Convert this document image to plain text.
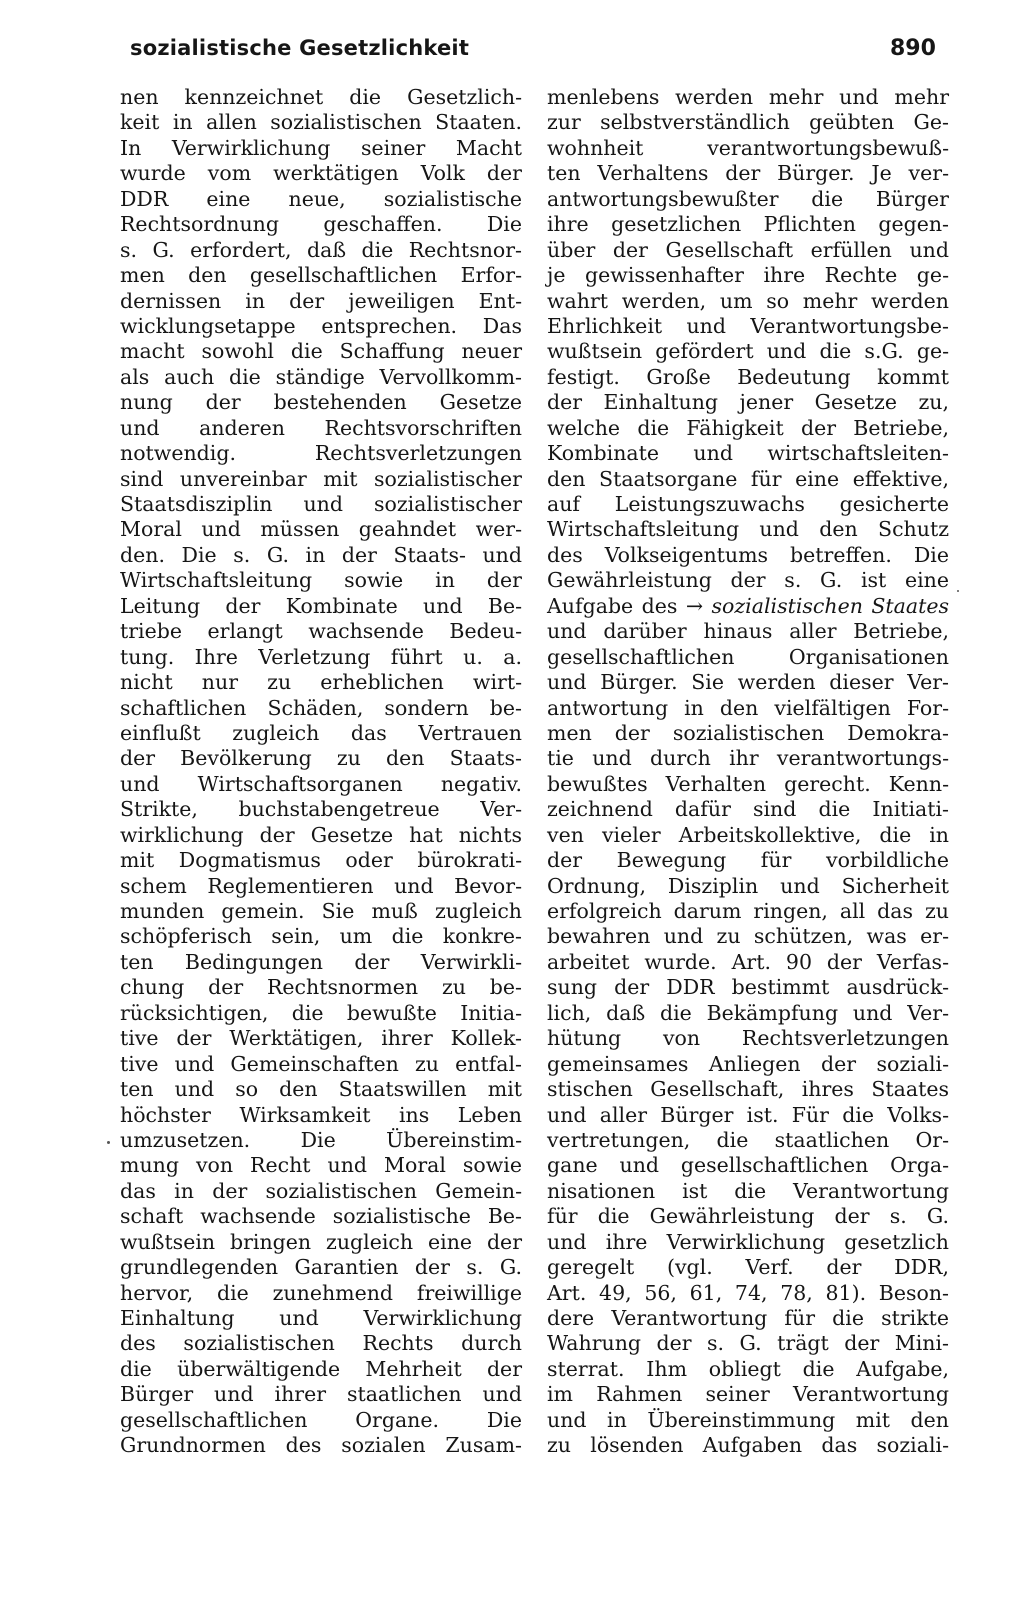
sozialistische Gesetzlichkeit	890
nen kennzeichnet die Gesetzlich-
keit in allen sozialistischen Staaten.
In Verwirklichung seiner Macht
wurde vom werktätigen Volk der
DDR eine neue, sozialistische
Rechtsordnung geschaffen. Die
s. G. erfordert, daß die Rechtsnor-
men den gesellschaftlichen Erfor-
dernissen in der jeweiligen Ent-
wicklungsetappe entsprechen. Das
macht sowohl die Schaffung neuer
als auch die ständige Vervollkomm-
nung der bestehenden Gesetze
und anderen Rechtsvorschriften
notwendig. Rechtsverletzungen
sind unvereinbar mit sozialistischer
Staatsdisziplin und sozialistischer
Moral und müssen geahndet wer-
den. Die s. G. in der Staats- und
Wirtschaftsleitung sowie in der
Leitung der Kombinate und Be-
triebe erlangt wachsende Bedeu-
tung. Ihre Verletzung führt u. a.
nicht nur zu erheblichen wirt-
schaftlichen Schäden, sondern be-
einflußt zugleich das Vertrauen
der Bevölkerung zu den Staats-
und Wirtschaftsorganen negativ.
Strikte, buchstabengetreue Ver-
wirklichung der Gesetze hat nichts
mit Dogmatismus oder bürokrati-
schem Reglementieren und Bevor-
munden gemein. Sie muß zugleich
schöpferisch sein, um die konkre-
ten Bedingungen der Verwirkli-
chung der Rechtsnormen zu be-
rücksichtigen, die bewußte Initia-
tive der Werktätigen, ihrer Kollek-
tive und Gemeinschaften zu entfal-
ten und so den Staatswillen mit
höchster Wirksamkeit ins Leben
umzusetzen. Die Übereinstim-
mung von Recht und Moral sowie
das in der sozialistischen Gemein-
schaft wachsende sozialistische Be-
wußtsein bringen zugleich eine der
grundlegenden Garantien der s. G.
hervor, die zunehmend freiwillige
Einhaltung und Verwirklichung
des sozialistischen Rechts durch
die überwältigende Mehrheit der
Bürger und ihrer staatlichen und
gesellschaftlichen Organe. Die
Grundnormen des sozialen Zusam-
menlebens werden mehr und mehr
zur selbstverständlich geübten Ge-
wohnheit verantwortungsbewuß-
ten Verhaltens der Bürger. Je ver-
antwortungsbewußter die Bürger
ihre gesetzlichen Pflichten gegen-
über der Gesellschaft erfüllen und
je gewissenhafter ihre Rechte ge-
wahrt werden, um so mehr werden
Ehrlichkeit und Verantwortungsbe-
wußtsein gefördert und die s.G. ge-
festigt. Große Bedeutung kommt
der Einhaltung jener Gesetze zu,
welche die Fähigkeit der Betriebe,
Kombinate und wirtschaftsleiten-
den Staatsorgane für eine effektive,
auf Leistungszuwachs gesicherte
Wirtschaftsleitung und den Schutz
des Volkseigentums betreffen. Die
Gewährleistung der s. G. ist eine
Aufgabe des → sozialistischen Staates
und darüber hinaus aller Betriebe,
gesellschaftlichen Organisationen
und Bürger. Sie werden dieser Ver-
antwortung in den vielfältigen For-
men der sozialistischen Demokra-
tie und durch ihr verantwortungs-
bewußtes Verhalten gerecht. Kenn-
zeichnend dafür sind die Initiati-
ven vieler Arbeitskollektive, die in
der Bewegung für vorbildliche
Ordnung, Disziplin und Sicherheit
erfolgreich darum ringen, all das zu
bewahren und zu schützen, was er-
arbeitet wurde. Art. 90 der Verfas-
sung der DDR bestimmt ausdrück-
lich, daß die Bekämpfung und Ver-
hütung von Rechtsverletzungen
gemeinsames Anliegen der soziali-
stischen Gesellschaft, ihres Staates
und aller Bürger ist. Für die Volks-
vertretungen, die staatlichen Or-
gane und gesellschaftlichen Orga-
nisationen ist die Verantwortung
für die Gewährleistung der s. G.
und ihre Verwirklichung gesetzlich
geregelt (vgl. Verf. der DDR,
Art. 49, 56, 61, 74, 78, 81). Beson-
dere Verantwortung für die strikte
Wahrung der s. G. trägt der Mini-
sterrat. Ihm obliegt die Aufgabe,
im Rahmen seiner Verantwortung
und in Übereinstimmung mit den
zu lösenden Aufgaben das soziali-
